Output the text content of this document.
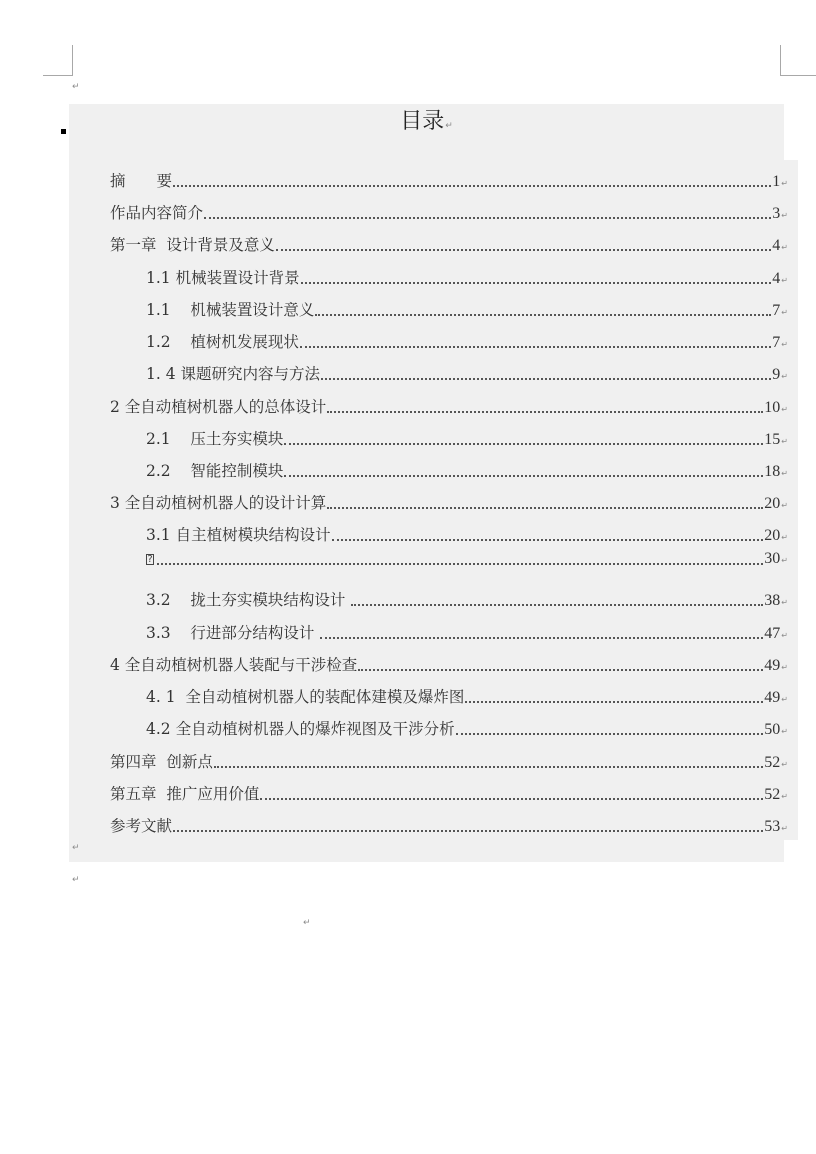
↵
目录↵
摘　　要	1 ↵
作品内容简介	3 ↵
第一章  设计背景及意义	4 ↵
1.1 机械装置设计背景	4 ↵
1.1    机械装置设计意义	7 ↵
1.2    植树机发展现状	7 ↵
1. 4 课题研究内容与方法	9 ↵
2 全自动植树机器人的总体设计	10 ↵
2.1    压土夯实模块	15 ↵
2.2    智能控制模块	18 ↵
3 全自动植树机器人的设计计算	20 ↵
3.1 自主植树模块结构设计	20 ↵
?	30 ↵
3.2    拢土夯实模块结构设计	38 ↵
3.3    行进部分结构设计	47 ↵
4 全自动植树机器人装配与干涉检查	49 ↵
4. 1  全自动植树机器人的装配体建模及爆炸图	49 ↵
4.2 全自动植树机器人的爆炸视图及干涉分析	50 ↵
第四章  创新点	52 ↵
第五章  推广应用价值	52 ↵
参考文献	53 ↵
↵
↵
↵
